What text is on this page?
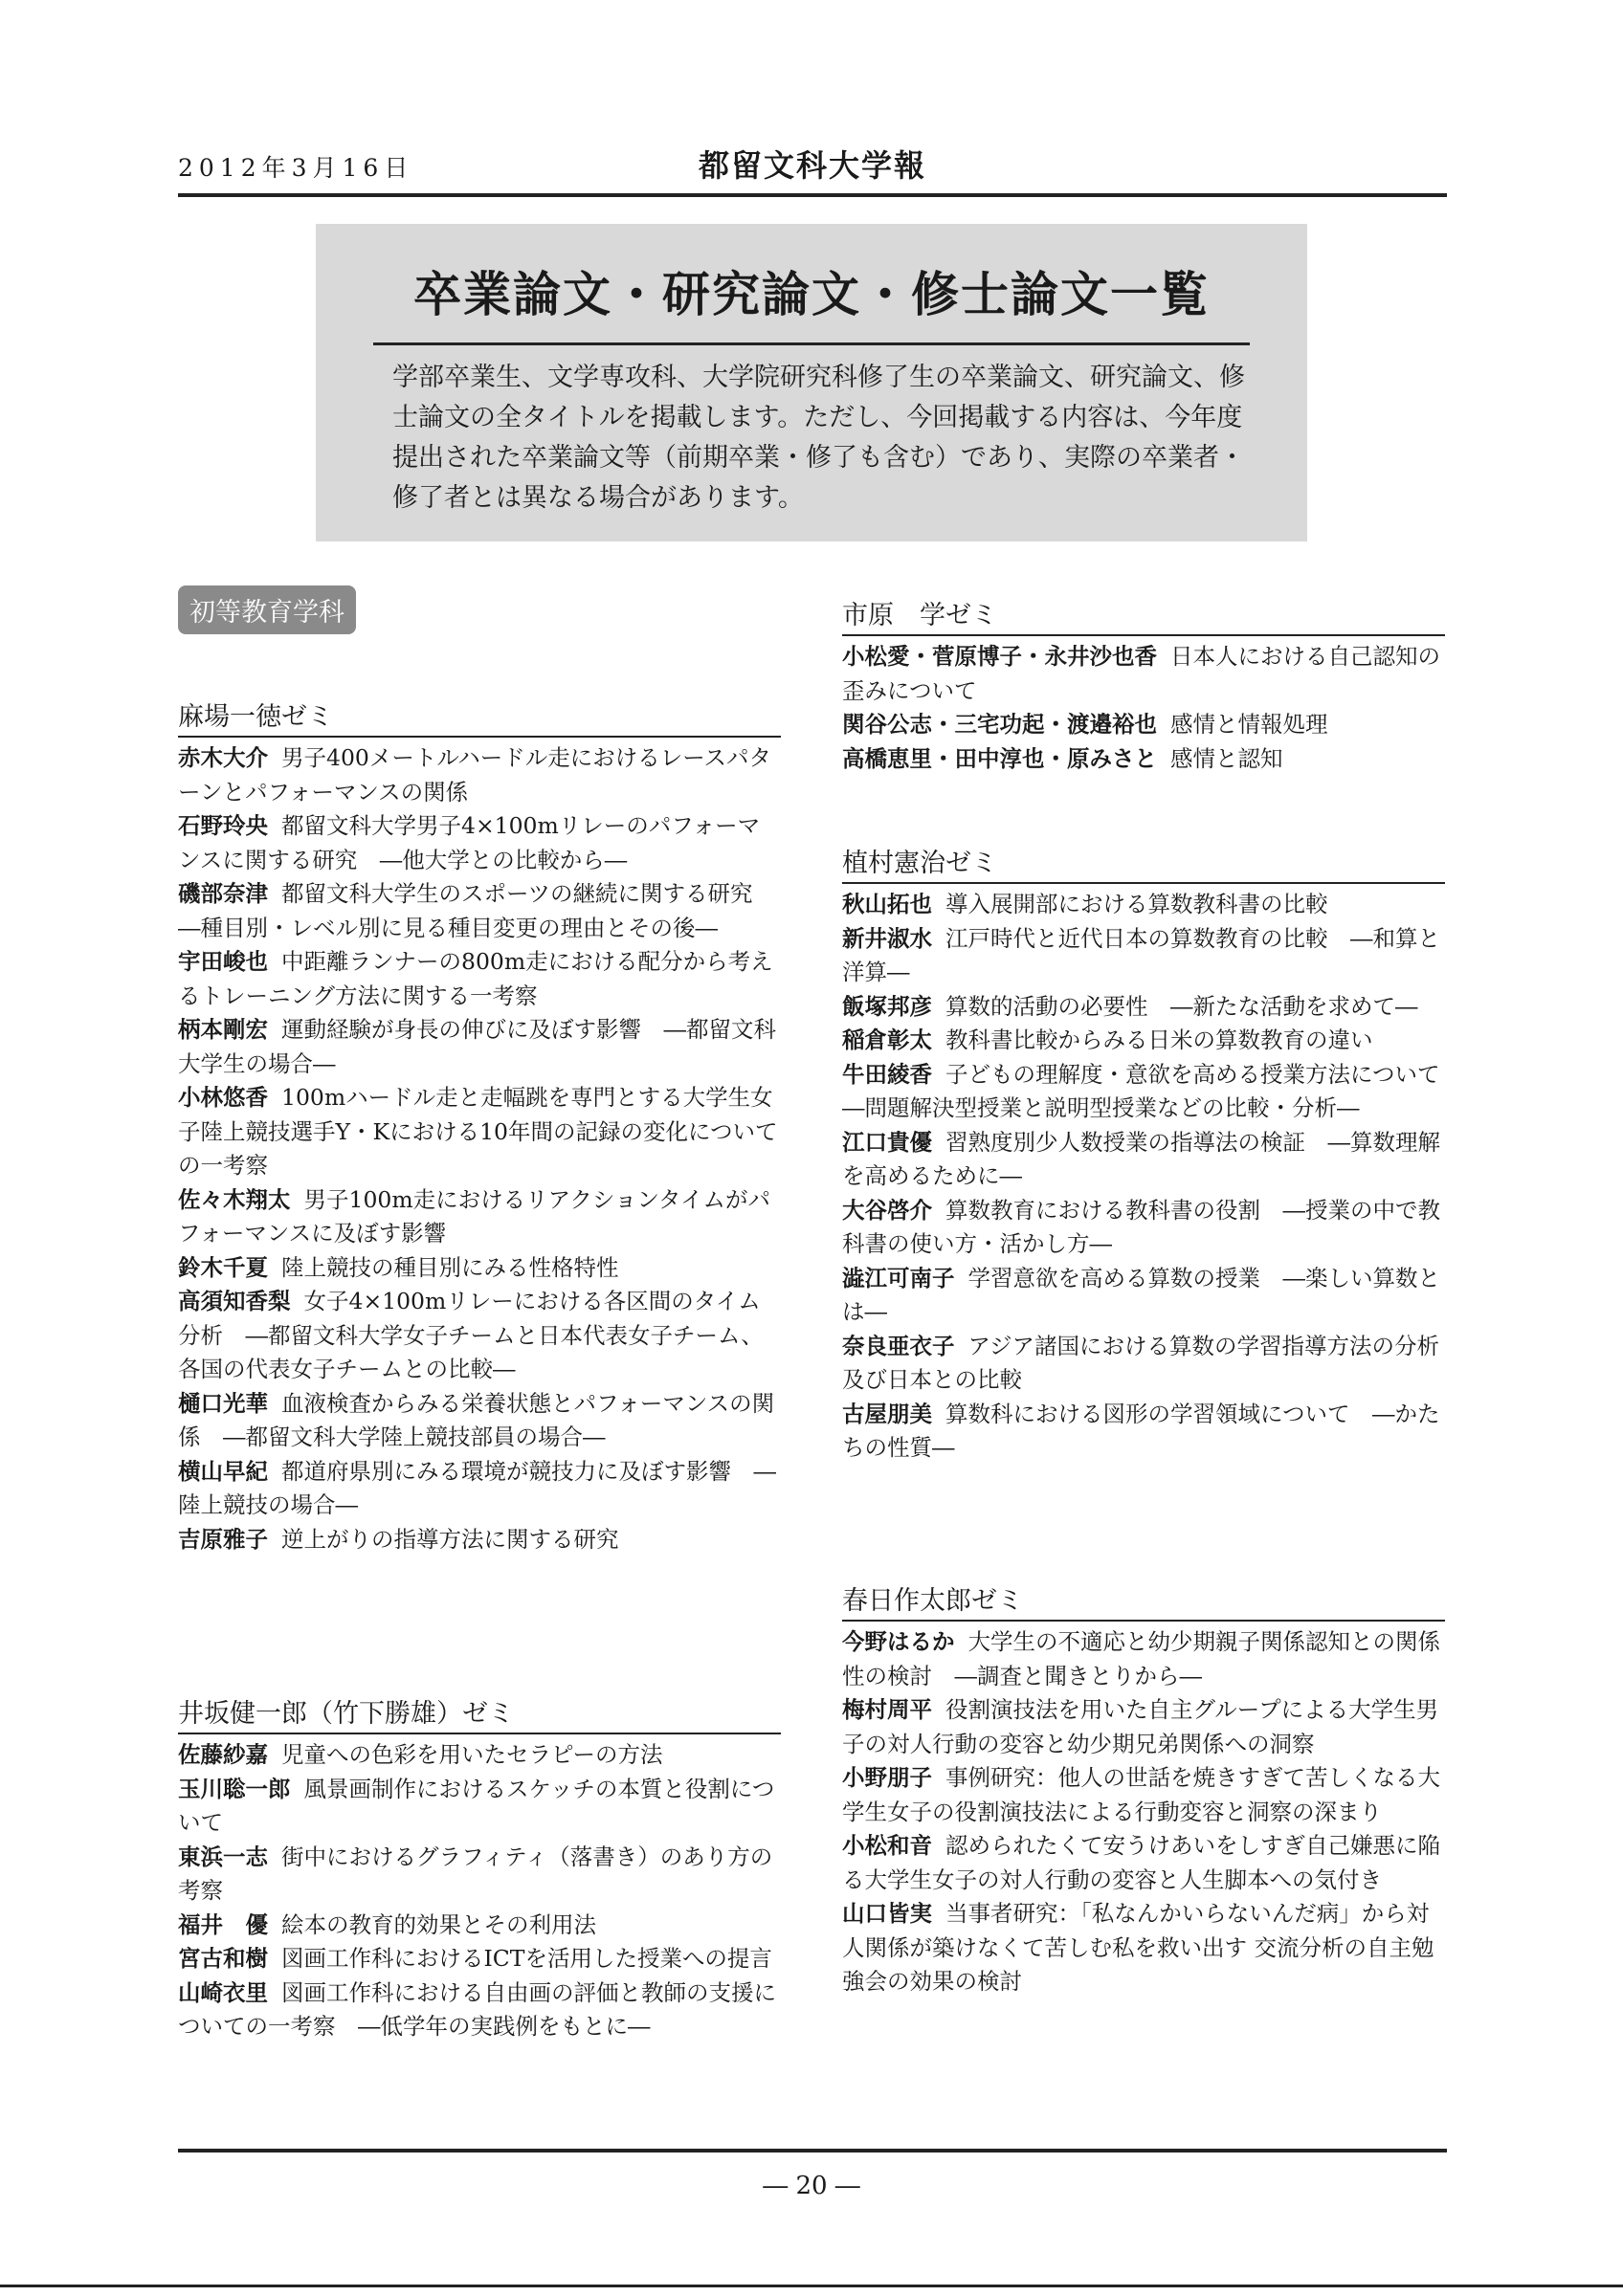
2012年3月16日	都留文科大学報
卒業論文・研究論文・修士論文一覧
学部卒業生、文学専攻科、大学院研究科修了生の卒業論文、研究論文、修士論文の全タイトルを掲載します。ただし、今回掲載する内容は、今年度提出された卒業論文等（前期卒業・修了も含む）であり、実際の卒業者・修了者とは異なる場合があります。
初等教育学科
麻場一徳ゼミ
赤木大介 男子400メートルハードル走におけるレースパターンとパフォーマンスの関係
石野玲央 都留文科大学男子4×100mリレーのパフォーマンスに関する研究　―他大学との比較から―
磯部奈津 都留文科大学生のスポーツの継続に関する研究　―種目別・レベル別に見る種目変更の理由とその後―
宇田峻也 中距離ランナーの800m走における配分から考えるトレーニング方法に関する一考察
柄本剛宏 運動経験が身長の伸びに及ぼす影響　―都留文科大学生の場合―
小林悠香 100mハードル走と走幅跳を専門とする大学生女子陸上競技選手Y・Kにおける10年間の記録の変化についての一考察
佐々木翔太 男子100m走におけるリアクションタイムがパフォーマンスに及ぼす影響
鈴木千夏 陸上競技の種目別にみる性格特性
高須知香梨 女子4×100mリレーにおける各区間のタイム分析　―都留文科大学女子チームと日本代表女子チーム、各国の代表女子チームとの比較―
樋口光華 血液検査からみる栄養状態とパフォーマンスの関係　―都留文科大学陸上競技部員の場合―
横山早紀 都道府県別にみる環境が競技力に及ぼす影響　―陸上競技の場合―
吉原雅子 逆上がりの指導方法に関する研究
井坂健一郎（竹下勝雄）ゼミ
佐藤紗嘉 児童への色彩を用いたセラピーの方法
玉川聡一郎 風景画制作におけるスケッチの本質と役割について
東浜一志 街中におけるグラフィティ（落書き）のあり方の考察
福井　優 絵本の教育的効果とその利用法
宮古和樹 図画工作科におけるICTを活用した授業への提言
山崎衣里 図画工作科における自由画の評価と教師の支援についての一考察　―低学年の実践例をもとに―
市原　学ゼミ
小松愛・菅原博子・永井沙也香 日本人における自己認知の歪みについて
関谷公志・三宅功起・渡邉裕也 感情と情報処理
高橋恵里・田中淳也・原みさと 感情と認知
植村憲治ゼミ
秋山拓也 導入展開部における算数教科書の比較
新井淑水 江戸時代と近代日本の算数教育の比較　―和算と洋算―
飯塚邦彦 算数的活動の必要性　―新たな活動を求めて―
稲倉彰太 教科書比較からみる日米の算数教育の違い
牛田綾香 子どもの理解度・意欲を高める授業方法について　―問題解決型授業と説明型授業などの比較・分析―
江口貴優 習熟度別少人数授業の指導法の検証　―算数理解を高めるために―
大谷啓介 算数教育における教科書の役割　―授業の中で教科書の使い方・活かし方―
澁江可南子 学習意欲を高める算数の授業　―楽しい算数とは―
奈良亜衣子 アジア諸国における算数の学習指導方法の分析及び日本との比較
古屋朋美 算数科における図形の学習領域について　―かたちの性質―
春日作太郎ゼミ
今野はるか 大学生の不適応と幼少期親子関係認知との関係性の検討　―調査と聞きとりから―
梅村周平 役割演技法を用いた自主グループによる大学生男子の対人行動の変容と幼少期兄弟関係への洞察
小野朋子 事例研究：他人の世話を焼きすぎて苦しくなる大学生女子の役割演技法による行動変容と洞察の深まり
小松和音 認められたくて安うけあいをしすぎ自己嫌悪に陥る大学生女子の対人行動の変容と人生脚本への気付き
山口皆実 当事者研究：「私なんかいらないんだ病」から対人関係が築けなくて苦しむ私を救い出す 交流分析の自主勉強会の効果の検討
― 20 ―
